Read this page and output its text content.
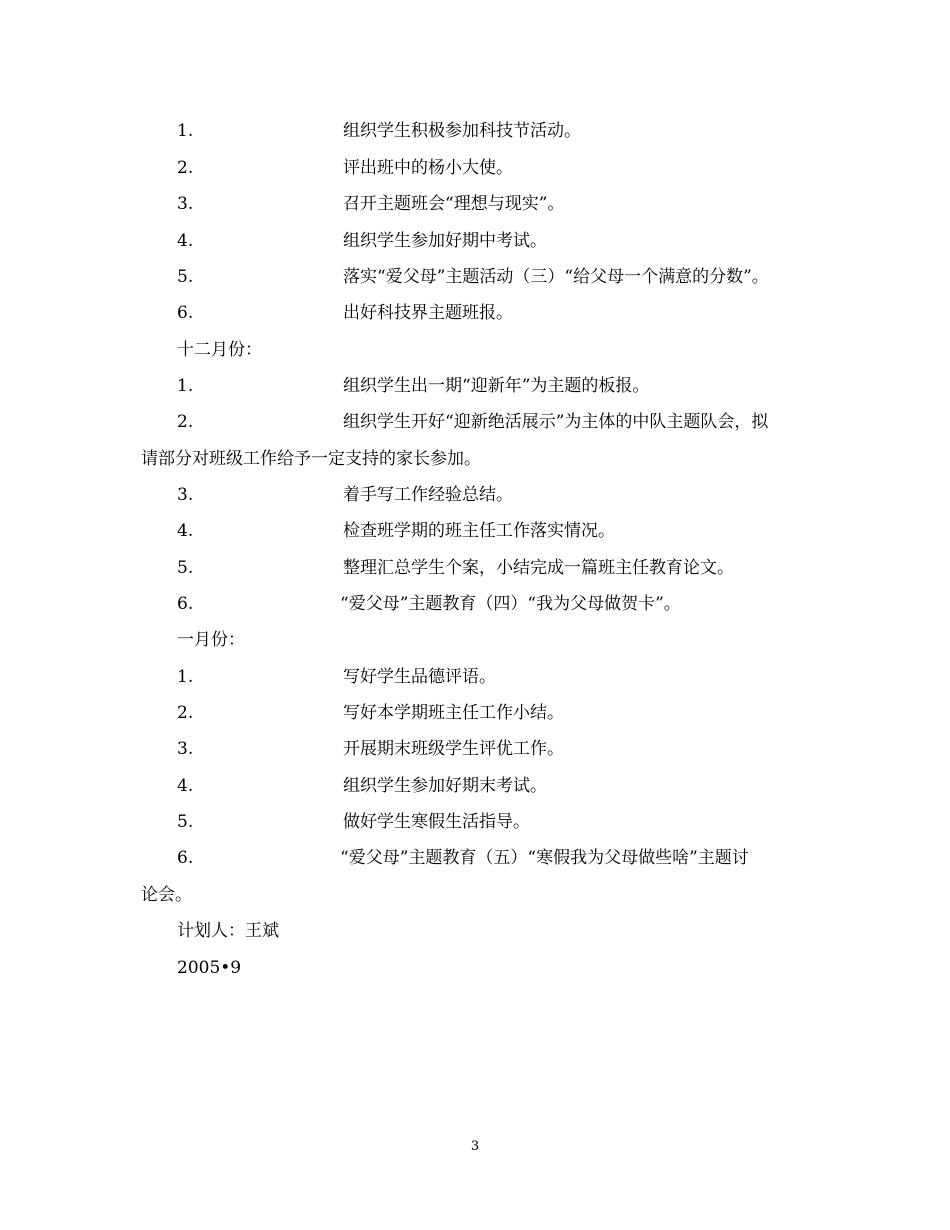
1.	组织学生积极参加科技节活动。
2.	评出班中的杨小大使。
3.	召开主题班会“理想与现实”。
4.	组织学生参加好期中考试。
5.	落实“爱父母”主题活动（三）“给父母一个满意的分数”。
6.	出好科技界主题班报。
十二月份：
1.	组织学生出一期“迎新年”为主题的板报。
2.	组织学生开好“迎新绝活展示”为主体的中队主题队会，拟
请部分对班级工作给予一定支持的家长参加。
3.	着手写工作经验总结。
4.	检查班学期的班主任工作落实情况。
5.	整理汇总学生个案，小结完成一篇班主任教育论文。
6.	“爱父母”主题教育（四）“我为父母做贺卡”。
一月份：
1.	写好学生品德评语。
2.	写好本学期班主任工作小结。
3.	开展期末班级学生评优工作。
4.	组织学生参加好期末考试。
5.	做好学生寒假生活指导。
6.	“爱父母”主题教育（五）“寒假我为父母做些啥”主题讨
论会。
计划人：王斌
2005•9
3
